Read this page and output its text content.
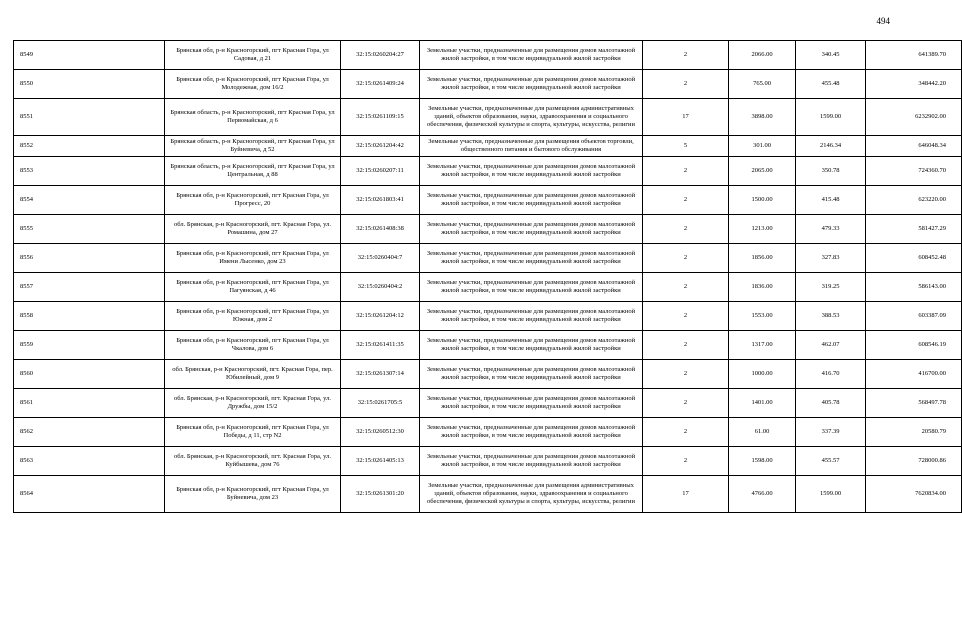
494
8549	Брянская обл, р-н Красногорский, пгт Красная Гора, ул Садовая, д 21	32:15:0260204:27	Земельные участки, предназначенные для размещения домов малоэтажной жилой застройки, в том числе индивидуальной жилой застройки	2	2066.00	340.45	641389.70
8550	Брянская обл, р-н Красногорский, пгт Красная Гора, ул Молодежная, дом 16/2	32:15:0261409:24	Земельные участки, предназначенные для размещения домов малоэтажной жилой застройки, в том числе индивидуальной жилой застройки	2	765.00	455.48	348442.20
8551	Брянская область, р-н Красногорский, пгт Красная Гора, ул Первомайская, д 6	32:15:0261109:15	Земельные участки, предназначенные для размещения административных зданий, объектов образования, науки, здравоохранения и социального обеспечения, физической культуры и спорта, культуры, искусства, религии	17	3898.00	1599.00	6232902.00
8552	Брянская область, р-н Красногорский, пгт Красная Гора, ул Буйневича, д 52	32:15:0261204:42	Земельные участки, предназначенные для размещения объектов торговли, общественного питания и бытового обслуживания	5	301.00	2146.34	646048.34
8553	Брянская область, р-н Красногорский, пгт Красная Гора, ул Центральная, д 88	32:15:0260207:11	Земельные участки, предназначенные для размещения домов малоэтажной жилой застройки, в том числе индивидуальной жилой застройки	2	2065.00	350.78	724360.70
8554	Брянская обл, р-н Красногорский, пгт Красная Гора, ул Прогресс, 20	32:15:0261803:41	Земельные участки, предназначенные для размещения домов малоэтажной жилой застройки, в том числе индивидуальной жилой застройки	2	1500.00	415.48	623220.00
8555	обл. Брянская, р-н Красногорский, пгт. Красная Гора, ул. Ромашина, дом 27	32:15:0261408:38	Земельные участки, предназначенные для размещения домов малоэтажной жилой застройки, в том числе индивидуальной жилой застройки	2	1213.00	479.33	581427.29
8556	Брянская обл, р-н Красногорский, пгт Красная Гора, ул Имени Лысенко, дом 23	32:15:0260404:7	Земельные участки, предназначенные для размещения домов малоэтажной жилой застройки, в том числе индивидуальной жилой застройки	2	1856.00	327.83	608452.48
8557	Брянская обл, р-н Красногорский, пгт Красная Гора, ул Пагуянская, д 46	32:15:0260404:2	Земельные участки, предназначенные для размещения домов малоэтажной жилой застройки, в том числе индивидуальной жилой застройки	2	1836.00	319.25	586143.00
8558	Брянская обл, р-н Красногорский, пгт Красная Гора, ул Южная, дом 2	32:15:0261204:12	Земельные участки, предназначенные для размещения домов малоэтажной жилой застройки, в том числе индивидуальной жилой застройки	2	1553.00	388.53	603387.09
8559	Брянская обл, р-н Красногорский, пгт Красная Гора, ул Чкалова, дом 6	32:15:0261411:35	Земельные участки, предназначенные для размещения домов малоэтажной жилой застройки, в том числе индивидуальной жилой застройки	2	1317.00	462.07	608546.19
8560	обл. Брянская, р-н Красногорский, пгт. Красная Гора, пер. Юбилейный, дом 9	32:15:0261307:14	Земельные участки, предназначенные для размещения домов малоэтажной жилой застройки, в том числе индивидуальной жилой застройки	2	1000.00	416.70	416700.00
8561	обл. Брянская, р-н Красногорский, пгт. Красная Гора, ул. Дружбы, дом 15/2	32:15:0261705:5	Земельные участки, предназначенные для размещения домов малоэтажной жилой застройки, в том числе индивидуальной жилой застройки	2	1401.00	405.78	568497.78
8562	Брянская обл, р-н Красногорский, пгт Красная Гора, ул Победы, д 11, стр N2	32:15:0260512:30	Земельные участки, предназначенные для размещения домов малоэтажной жилой застройки, в том числе индивидуальной жилой застройки	2	61.00	337.39	20580.79
8563	обл. Брянская, р-н Красногорский, пгт. Красная Гора, ул. Куйбышева, дом 76	32:15:0261405:13	Земельные участки, предназначенные для размещения домов малоэтажной жилой застройки, в том числе индивидуальной жилой застройки	2	1598.00	455.57	728000.86
8564	Брянская обл, р-н Красногорский, пгт Красная Гора, ул Буйневича, дом 23	32:15:0261301:20	Земельные участки, предназначенные для размещения административных зданий, объектов образования, науки, здравоохранения и социального обеспечения, физической культуры и спорта, культуры, искусства, религии	17	4766.00	1599.00	7620834.00
